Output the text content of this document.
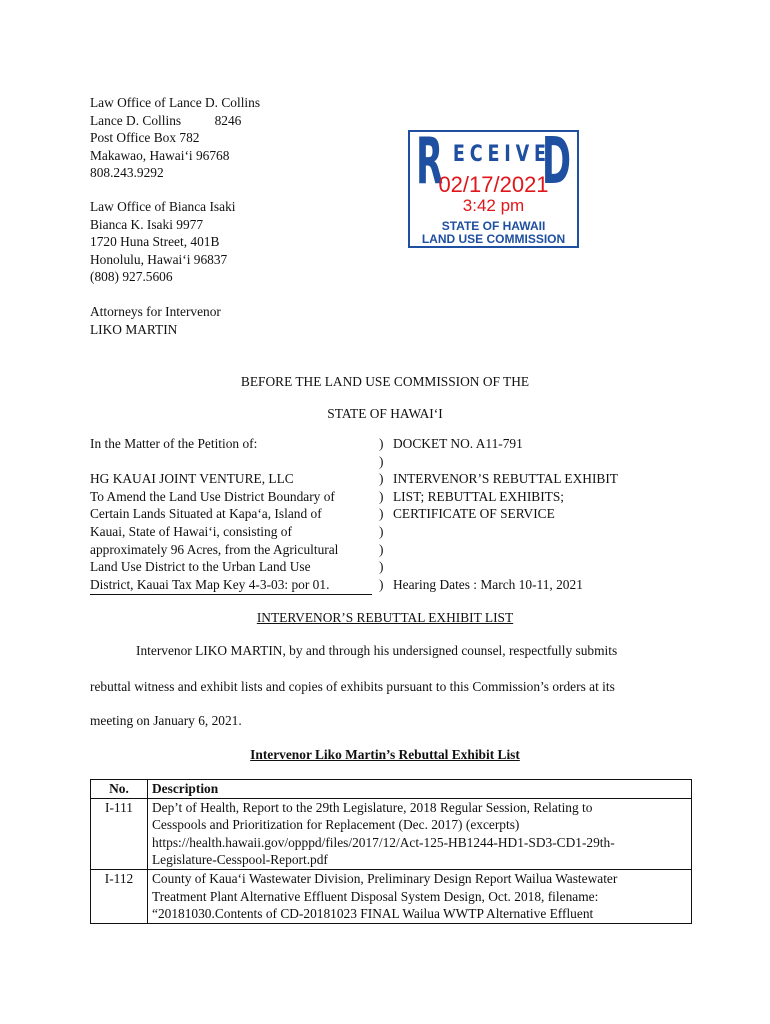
Law Office of Lance D. Collins
Lance D. Collins          8246
Post Office Box 782
Makawao, Hawai‘i 96768
808.243.9292
Law Office of Bianca Isaki
Bianca K. Isaki 9977
1720 Huna Street, 401B
Honolulu, Hawai‘i 96837
(808) 927.5606
Attorneys for Intervenor
LIKO MARTIN
R ECEIVE
D
02/17/2021
3:42 pm
STATE OF HAWAII
LAND USE COMMISSION
BEFORE THE LAND USE COMMISSION OF THE
STATE OF HAWAI‘I
In the Matter of the Petition of:
HG KAUAI JOINT VENTURE, LLC
To Amend the Land Use District Boundary of
Certain Lands Situated at Kapa‘a, Island of
Kauai, State of Hawai‘i, consisting of
approximately 96 Acres, from the Agricultural
Land Use District to the Urban Land Use
District, Kauai Tax Map Key 4-3-03: por 01.
)
)
)
)
)
)
)
)
)
DOCKET NO. A11-791
INTERVENOR’S REBUTTAL EXHIBIT
LIST; REBUTTAL EXHIBITS;
CERTIFICATE OF SERVICE
Hearing Dates : March 10-11, 2021
INTERVENOR’S REBUTTAL EXHIBIT LIST
Intervenor LIKO MARTIN, by and through his undersigned counsel, respectfully submits
rebuttal witness and exhibit lists and copies of exhibits pursuant to this Commission’s orders at its
meeting on January 6, 2021.
Intervenor Liko Martin’s Rebuttal Exhibit List
No.	Description
I-111	Dep’t of Health, Report to the 29th Legislature, 2018 Regular Session, Relating to
Cesspools and Prioritization for Replacement (Dec. 2017) (excerpts)
https://health.hawaii.gov/opppd/files/2017/12/Act-125-HB1244-HD1-SD3-CD1-29th-
Legislature-Cesspool-Report.pdf

I-112	County of Kaua‘i Wastewater Division, Preliminary Design Report Wailua Wastewater
Treatment Plant Alternative Effluent Disposal System Design, Oct. 2018, filename:
“20181030.Contents of CD-20181023 FINAL Wailua WWTP Alternative Effluent
